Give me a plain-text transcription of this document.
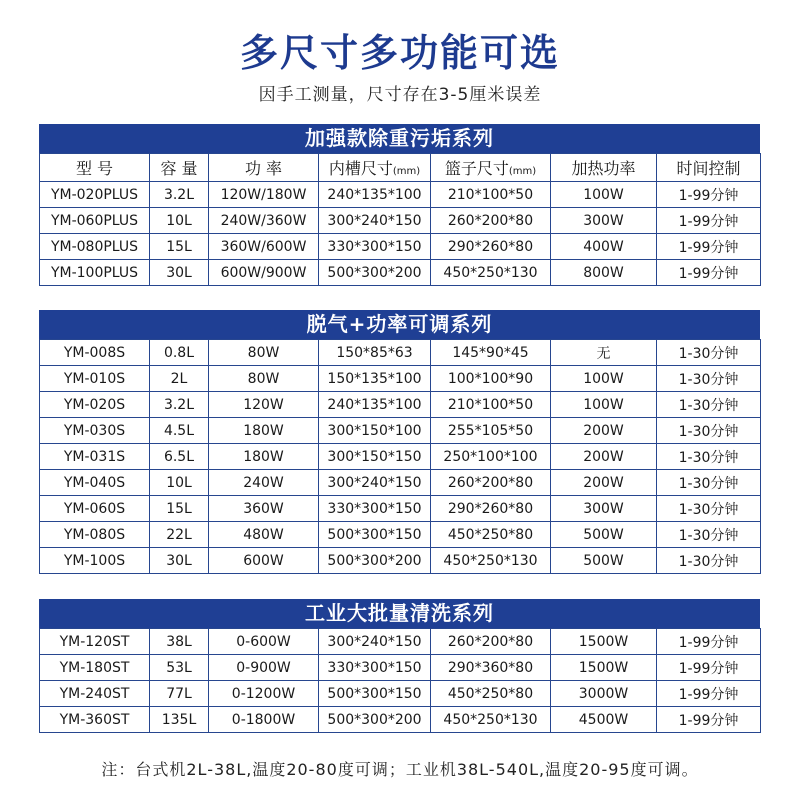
多尺寸多功能可选
因手工测量，尺寸存在3-5厘米误差
加强款除重污垢系列
型 号	容 量	功 率	内槽尺寸(mm)	篮子尺寸(mm)	加热功率	时间控制
YM-020PLUS	3.2L	120W/180W	240*135*100	210*100*50	100W	1-99分钟
YM-060PLUS	10L	240W/360W	300*240*150	260*200*80	300W	1-99分钟
YM-080PLUS	15L	360W/600W	330*300*150	290*260*80	400W	1-99分钟
YM-100PLUS	30L	600W/900W	500*300*200	450*250*130	800W	1-99分钟
脱气+功率可调系列
YM-008S	0.8L	80W	150*85*63	145*90*45	无	1-30分钟
YM-010S	2L	80W	150*135*100	100*100*90	100W	1-30分钟
YM-020S	3.2L	120W	240*135*100	210*100*50	100W	1-30分钟
YM-030S	4.5L	180W	300*150*100	255*105*50	200W	1-30分钟
YM-031S	6.5L	180W	300*150*150	250*100*100	200W	1-30分钟
YM-040S	10L	240W	300*240*150	260*200*80	200W	1-30分钟
YM-060S	15L	360W	330*300*150	290*260*80	300W	1-30分钟
YM-080S	22L	480W	500*300*150	450*250*80	500W	1-30分钟
YM-100S	30L	600W	500*300*200	450*250*130	500W	1-30分钟
工业大批量清洗系列
YM-120ST	38L	0-600W	300*240*150	260*200*80	1500W	1-99分钟
YM-180ST	53L	0-900W	330*300*150	290*360*80	1500W	1-99分钟
YM-240ST	77L	0-1200W	500*300*150	450*250*80	3000W	1-99分钟
YM-360ST	135L	0-1800W	500*300*200	450*250*130	4500W	1-99分钟
注：台式机2L-38L,温度20-80度可调；工业机38L-540L,温度20-95度可调。
